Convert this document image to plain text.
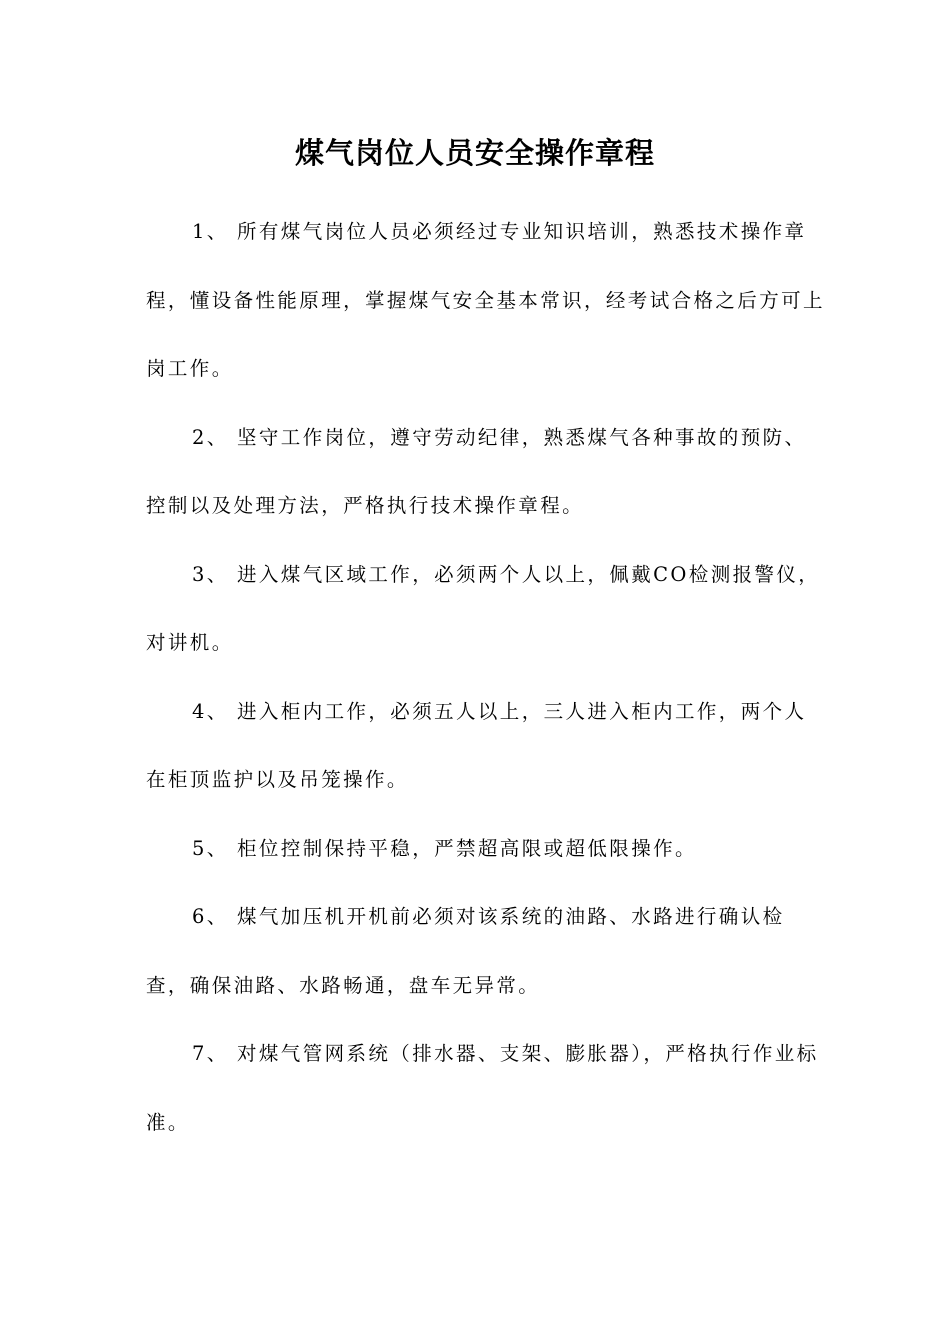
煤气岗位人员安全操作章程

1、 所有煤气岗位人员必须经过专业知识培训，熟悉技术操作章程，懂设备性能原理，掌握煤气安全基本常识，经考试合格之后方可上岗工作。

2、 坚守工作岗位，遵守劳动纪律，熟悉煤气各种事故的预防、控制以及处理方法，严格执行技术操作章程。

3、 进入煤气区域工作，必须两个人以上，佩戴CO检测报警仪，对讲机。

4、 进入柜内工作，必须五人以上，三人进入柜内工作，两个人在柜顶监护以及吊笼操作。

5、 柜位控制保持平稳，严禁超高限或超低限操作。

6、 煤气加压机开机前必须对该系统的油路、水路进行确认检查，确保油路、水路畅通，盘车无异常。

7、 对煤气管网系统（排水器、支架、膨胀器），严格执行作业标准。
